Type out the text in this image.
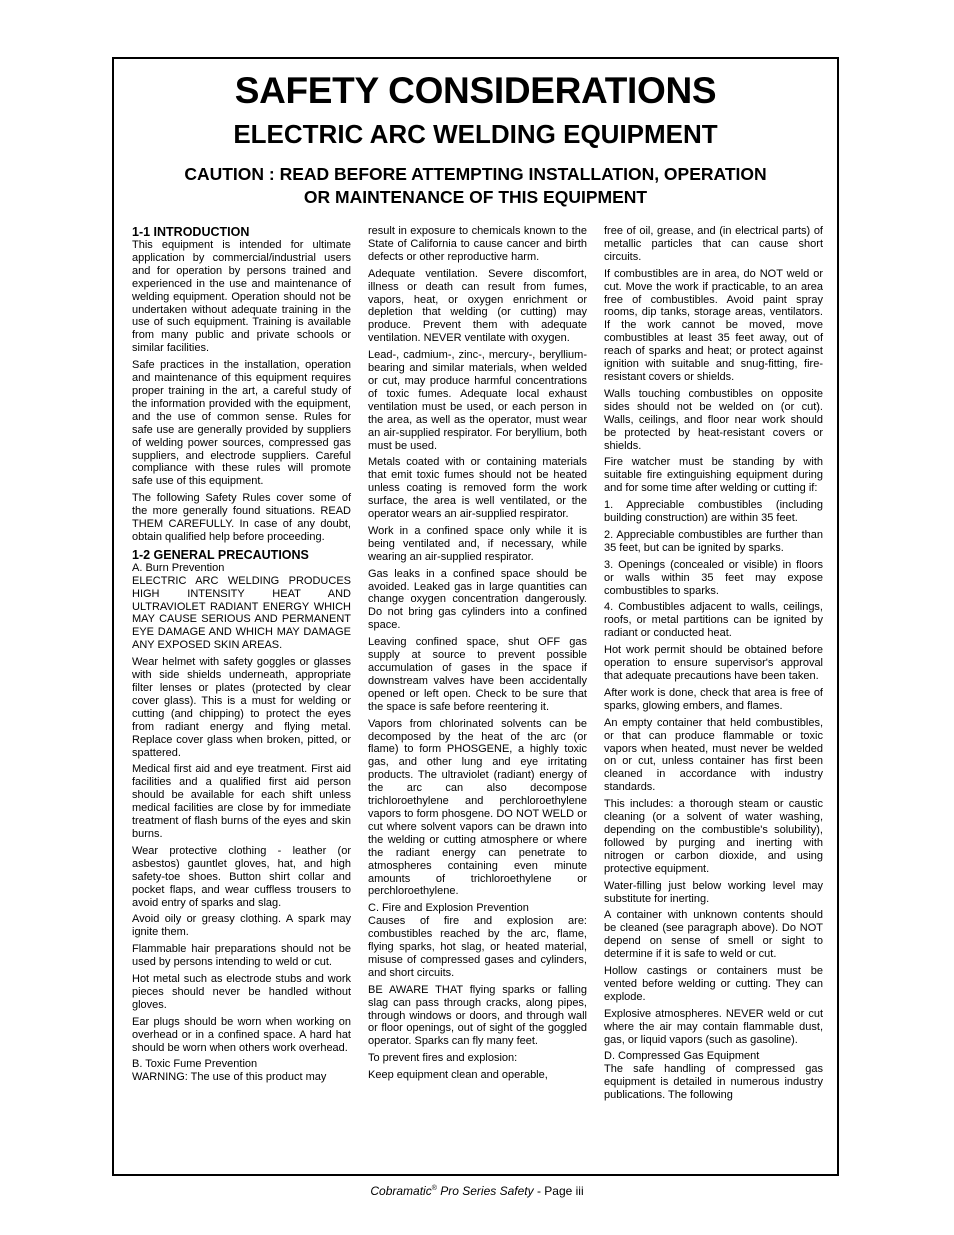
SAFETY CONSIDERATIONS
ELECTRIC ARC WELDING EQUIPMENT
CAUTION : READ BEFORE ATTEMPTING INSTALLATION, OPERATION
OR MAINTENANCE OF THIS EQUIPMENT

1-1 INTRODUCTION

This equipment is intended for ultimate application by commercial/industrial users and for operation by persons trained and experienced in the use and maintenance of welding equipment. Operation should not be undertaken without adequate training in the use of such equipment. Training is available from many public and private schools or similar facilities.

Safe practices in the installation, operation and maintenance of this equipment requires proper training in the art, a careful study of the information provided with the equipment, and the use of common sense. Rules for safe use are generally provided by suppliers of welding power sources, compressed gas suppliers, and electrode suppliers. Careful compliance with these rules will promote safe use of this equipment.

The following Safety Rules cover some of the more generally found situations. READ THEM CAREFULLY. In case of any doubt, obtain qualified help before proceeding.

1-2 GENERAL PRECAUTIONS

A. Burn Prevention

ELECTRIC ARC WELDING PRODUCES HIGH INTENSITY HEAT AND ULTRAVIOLET RADIANT ENERGY WHICH MAY CAUSE SERIOUS AND PERMANENT EYE DAMAGE AND WHICH MAY DAMAGE ANY EXPOSED SKIN AREAS.

Wear helmet with safety goggles or glasses with side shields underneath, appropriate filter lenses or plates (protected by clear cover glass). This is a must for welding or cutting (and chipping) to protect the eyes from radiant energy and flying metal. Replace cover glass when broken, pitted, or spattered.

Medical first aid and eye treatment. First aid facilities and a qualified first aid person should be available for each shift unless medical facilities are close by for immediate treatment of flash burns of the eyes and skin burns.

Wear protective clothing - leather (or asbestos) gauntlet gloves, hat, and high safety-toe shoes. Button shirt collar and pocket flaps, and wear cuffless trousers to avoid entry of sparks and slag.

Avoid oily or greasy clothing. A spark may ignite them.

Flammable hair preparations should not be used by persons intending to weld or cut.

Hot metal such as electrode stubs and work pieces should never be handled without gloves.

Ear plugs should be worn when working on overhead or in a confined space. A hard hat should be worn when others work overhead.

B. Toxic Fume Prevention

WARNING: The use of this product may

result in exposure to chemicals known to the State of California to cause cancer and birth defects or other reproductive harm.

Adequate ventilation. Severe discomfort, illness or death can result from fumes, vapors, heat, or oxygen enrichment or depletion that welding (or cutting) may produce. Prevent them with adequate ventilation. NEVER ventilate with oxygen.

Lead-, cadmium-, zinc-, mercury-, beryllium-bearing and similar materials, when welded or cut, may produce harmful concentrations of toxic fumes. Adequate local exhaust ventilation must be used, or each person in the area, as well as the operator, must wear an air-supplied respirator. For beryllium, both must be used.

Metals coated with or containing materials that emit toxic fumes should not be heated unless coating is removed form the work surface, the area is well ventilated, or the operator wears an air-supplied respirator.

Work in a confined space only while it is being ventilated and, if necessary, while wearing an air-supplied respirator.

Gas leaks in a confined space should be avoided. Leaked gas in large quantities can change oxygen concentration dangerously. Do not bring gas cylinders into a confined space.

Leaving confined space, shut OFF gas supply at source to prevent possible accumulation of gases in the space if downstream valves have been accidentally opened or left open. Check to be sure that the space is safe before reentering it.

Vapors from chlorinated solvents can be decomposed by the heat of the arc (or flame) to form PHOSGENE, a highly toxic gas, and other lung and eye irritating products. The ultraviolet (radiant) energy of the arc can also decompose trichloroethylene and perchloroethylene vapors to form phosgene. DO NOT WELD or cut where solvent vapors can be drawn into the welding or cutting atmosphere or where the radiant energy can penetrate to atmospheres containing even minute amounts of trichloroethylene or perchloroethylene.

C. Fire and Explosion Prevention

Causes of fire and explosion are: combustibles reached by the arc, flame, flying sparks, hot slag, or heated material, misuse of compressed gases and cylinders, and short circuits.

BE AWARE THAT flying sparks or falling slag can pass through cracks, along pipes, through windows or doors, and through wall or floor openings, out of sight of the goggled operator. Sparks can fly many feet.

To prevent fires and explosion:

Keep equipment clean and operable,

free of oil, grease, and (in electrical parts) of metallic particles that can cause short circuits.

If combustibles are in area, do NOT weld or cut. Move the work if practicable, to an area free of combustibles. Avoid paint spray rooms, dip tanks, storage areas, ventilators. If the work cannot be moved, move combustibles at least 35 feet away, out of reach of sparks and heat; or protect against ignition with suitable and snug-fitting, fire-resistant covers or shields.

Walls touching combustibles on opposite sides should not be welded on (or cut). Walls, ceilings, and floor near work should be protected by heat-resistant covers or shields.

Fire watcher must be standing by with suitable fire extinguishing equipment during and for some time after welding or cutting if:

1. Appreciable combustibles (including building construction) are within 35 feet.

2. Appreciable combustibles are further than 35 feet, but can be ignited by sparks.

3. Openings (concealed or visible) in floors or walls within 35 feet may expose combustibles to sparks.

4. Combustibles adjacent to walls, ceilings, roofs, or metal partitions can be ignited by radiant or conducted heat.

Hot work permit should be obtained before operation to ensure supervisor's approval that adequate precautions have been taken.

After work is done, check that area is free of sparks, glowing embers, and flames.

An empty container that held combustibles, or that can produce flammable or toxic vapors when heated, must never be welded on or cut, unless container has first been cleaned in accordance with industry standards.

This includes: a thorough steam or caustic cleaning (or a solvent of water washing, depending on the combustible's solubility), followed by purging and inerting with nitrogen or carbon dioxide, and using protective equipment.

Water-filling just below working level may substitute for inerting.

A container with unknown contents should be cleaned (see paragraph above). Do NOT depend on sense of smell or sight to determine if it is safe to weld or cut.

Hollow castings or containers must be vented before welding or cutting. They can explode.

Explosive atmospheres. NEVER weld or cut where the air may contain flammable dust, gas, or liquid vapors (such as gasoline).

D. Compressed Gas Equipment

The safe handling of compressed gas equipment is detailed in numerous industry publications. The following

Cobramatic® Pro Series Safety - Page iii
